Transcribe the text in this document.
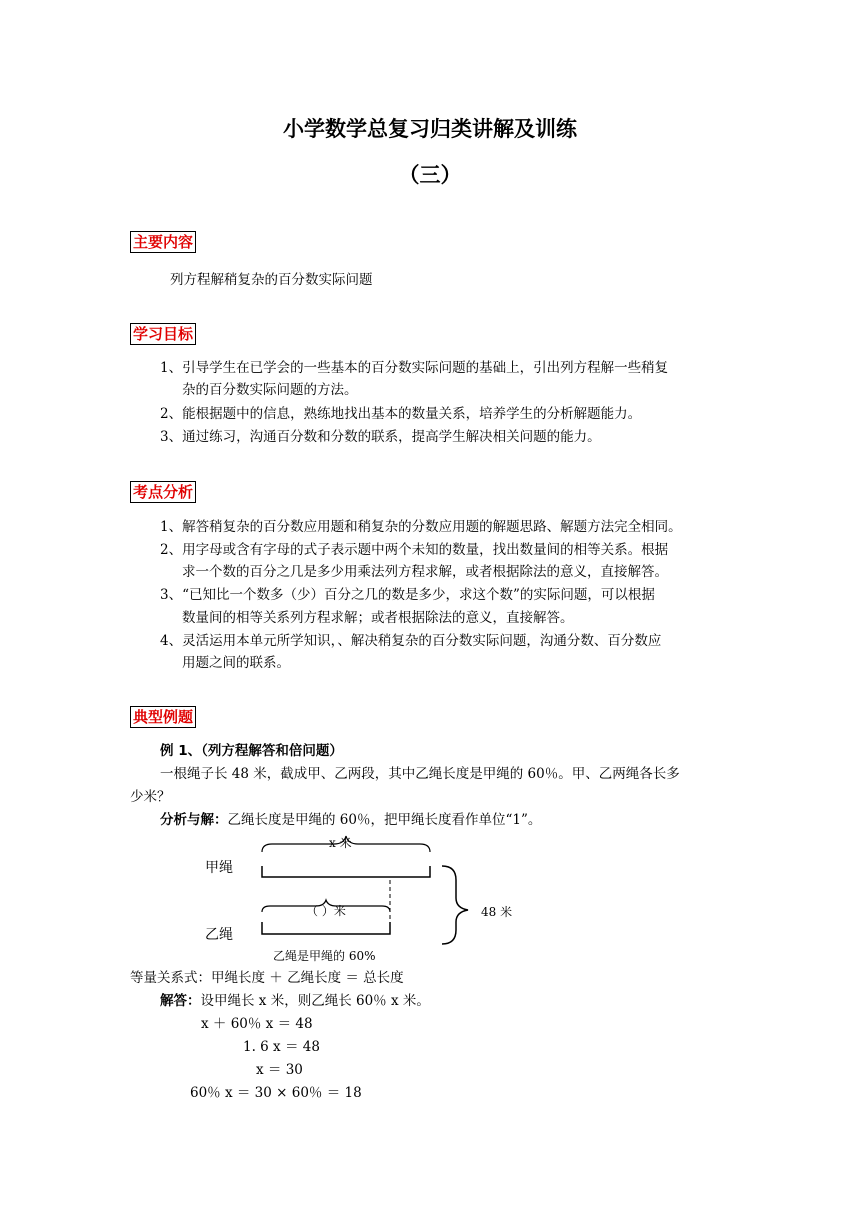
小学数学总复习归类讲解及训练
（三）
主要内容
列方程解稍复杂的百分数实际问题
学习目标
1、引导学生在已学会的一些基本的百分数实际问题的基础上，引出列方程解一些稍复
杂的百分数实际问题的方法。
2、能根据题中的信息，熟练地找出基本的数量关系，培养学生的分析解题能力。
3、通过练习，沟通百分数和分数的联系，提高学生解决相关问题的能力。
考点分析
1、解答稍复杂的百分数应用题和稍复杂的分数应用题的解题思路、解题方法完全相同。
2、用字母或含有字母的式子表示题中两个未知的数量，找出数量间的相等关系。根据
求一个数的百分之几是多少用乘法列方程求解，或者根据除法的意义，直接解答。
3、“已知比一个数多（少）百分之几的数是多少，求这个数”的实际问题，可以根据
数量间的相等关系列方程求解；或者根据除法的意义，直接解答。
4、灵活运用本单元所学知识，、解决稍复杂的百分数实际问题，沟通分数、百分数应
用题之间的联系。
典型例题
例 1、（列方程解答和倍问题）
一根绳子长 48 米，截成甲、乙两段，其中乙绳长度是甲绳的 60％。甲、乙两绳各长多
少米？
分析与解：乙绳长度是甲绳的 60％，把甲绳长度看作单位“1”。
甲绳
乙绳
x 米
（ ）米	48 米
乙绳是甲绳的 60%
等量关系式：甲绳长度 ＋ 乙绳长度 ＝ 总长度
解答：设甲绳长 x 米，则乙绳长 60％ x 米。
x ＋ 60％ x ＝ 48
1. 6 x ＝ 48
x ＝ 30
60％ x ＝ 30 × 60％ ＝ 18
